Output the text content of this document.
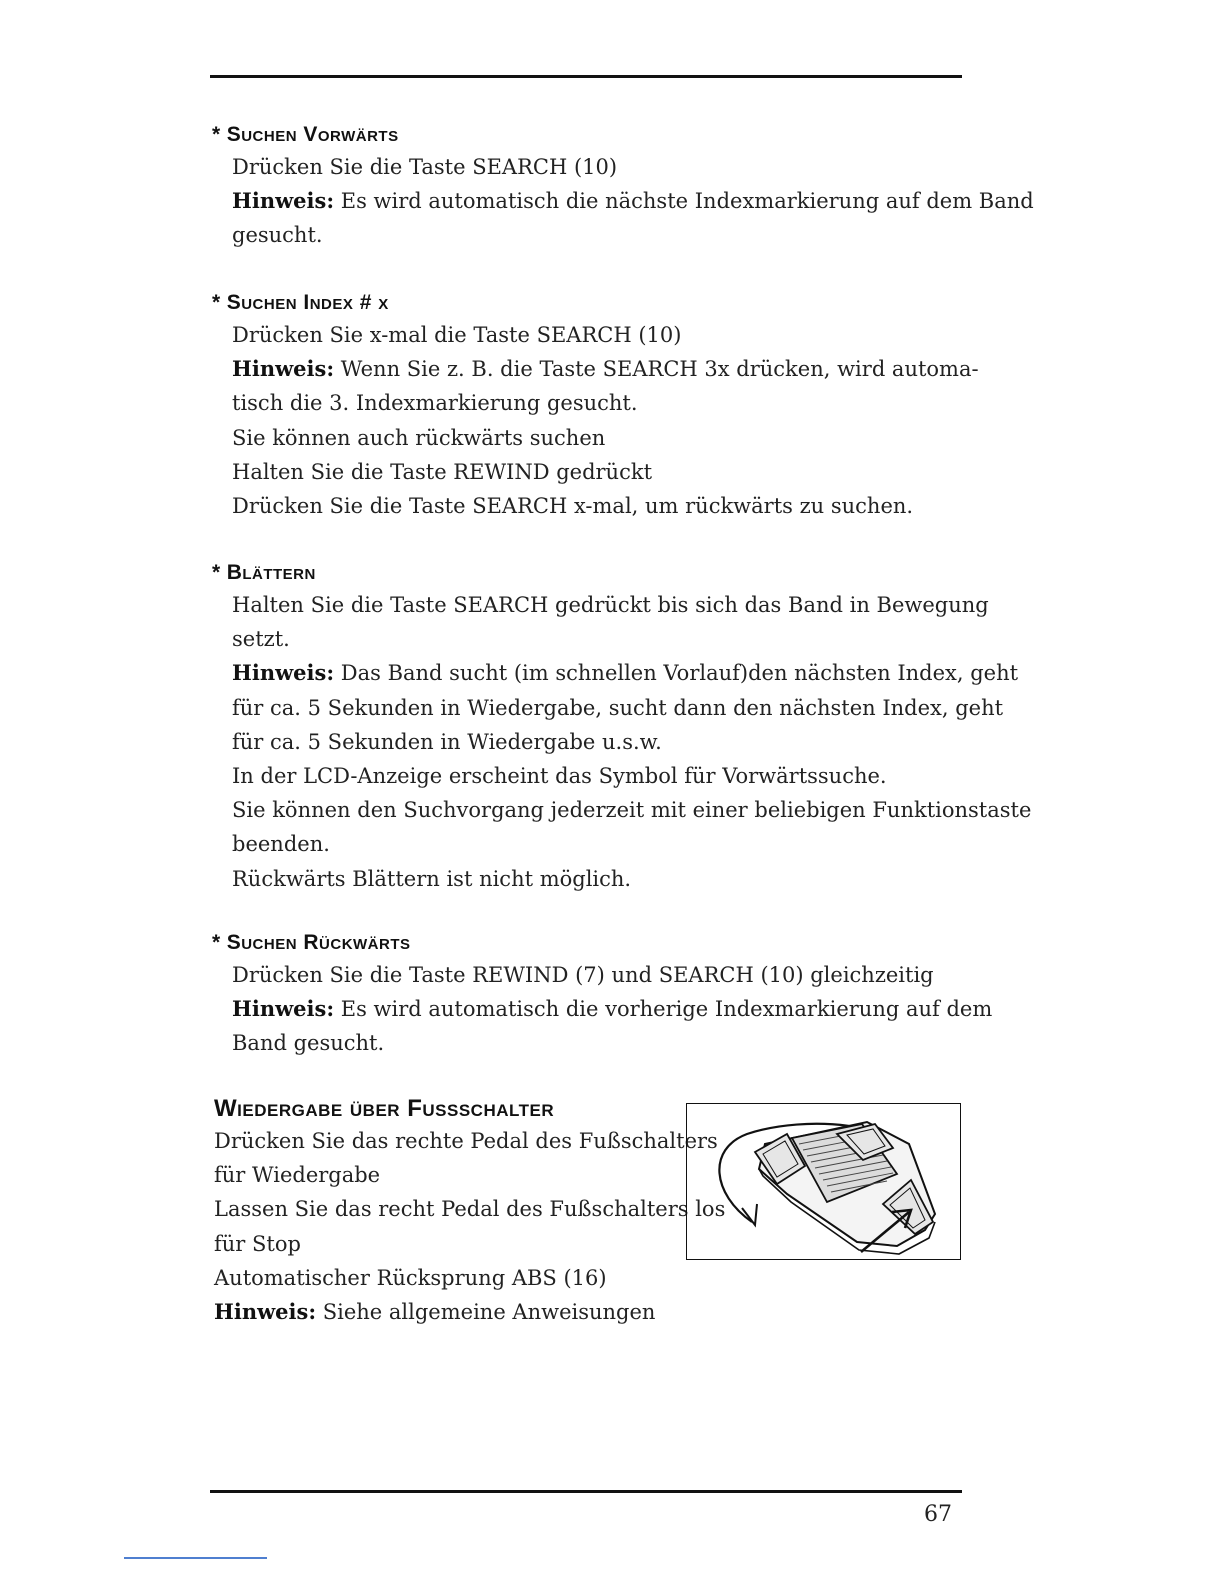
* Suchen Vorwärts

Drücken Sie die Taste SEARCH (10)

Hinweis: Es wird automatisch die nächste Indexmarkierung auf dem Band

gesucht.

* Suchen Index # x

Drücken Sie x-mal die Taste SEARCH (10)

Hinweis: Wenn Sie z. B. die Taste SEARCH 3x drücken, wird automa-

tisch die 3. Indexmarkierung gesucht.

Sie können auch rückwärts suchen

Halten Sie die Taste REWIND gedrückt

Drücken Sie die Taste SEARCH x-mal, um rückwärts zu suchen.

* Blättern

Halten Sie die Taste SEARCH gedrückt bis sich das Band in Bewegung

setzt.

Hinweis: Das Band sucht (im schnellen Vorlauf)den nächsten Index, geht

für ca. 5 Sekunden in Wiedergabe, sucht dann den nächsten Index, geht

für ca. 5 Sekunden in Wiedergabe u.s.w.

In der LCD-Anzeige erscheint das Symbol für Vorwärtssuche.

Sie können den Suchvorgang jederzeit mit einer beliebigen Funktionstaste

beenden.

Rückwärts Blättern ist nicht möglich.

* Suchen Rückwärts

Drücken Sie die Taste REWIND (7) und SEARCH (10) gleichzeitig

Hinweis: Es wird automatisch die vorherige Indexmarkierung auf dem

Band gesucht.

Wiedergabe über Fussschalter

Drücken Sie das rechte Pedal des Fußschalters

für Wiedergabe

Lassen Sie das recht Pedal des Fußschalters los

für Stop

Automatischer Rücksprung ABS (16)

Hinweis: Siehe allgemeine Anweisungen

67
